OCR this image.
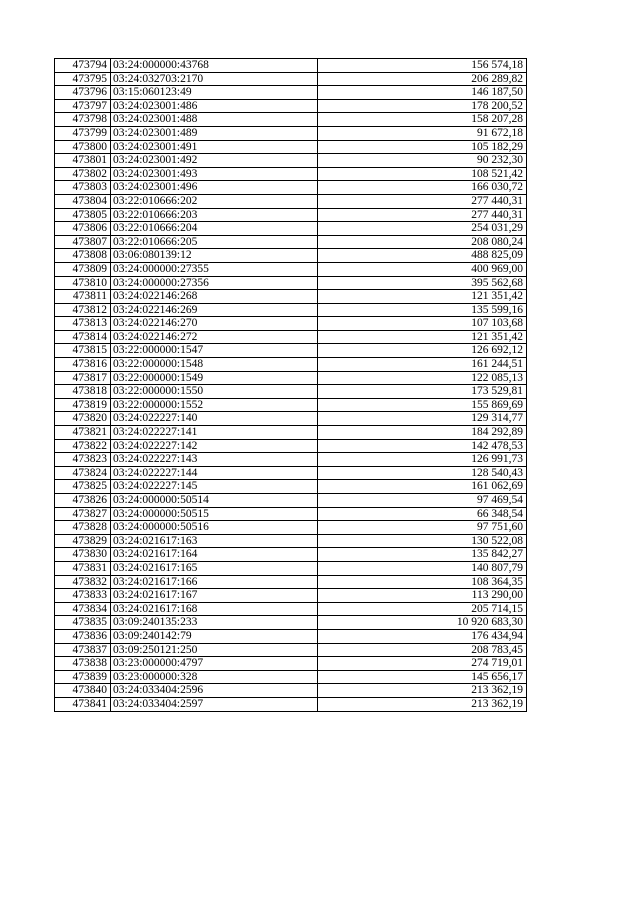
473794	03:24:000000:43768	156 574,18
473795	03:24:032703:2170	206 289,82
473796	03:15:060123:49	146 187,50
473797	03:24:023001:486	178 200,52
473798	03:24:023001:488	158 207,28
473799	03:24:023001:489	91 672,18
473800	03:24:023001:491	105 182,29
473801	03:24:023001:492	90 232,30
473802	03:24:023001:493	108 521,42
473803	03:24:023001:496	166 030,72
473804	03:22:010666:202	277 440,31
473805	03:22:010666:203	277 440,31
473806	03:22:010666:204	254 031,29
473807	03:22:010666:205	208 080,24
473808	03:06:080139:12	488 825,09
473809	03:24:000000:27355	400 969,00
473810	03:24:000000:27356	395 562,68
473811	03:24:022146:268	121 351,42
473812	03:24:022146:269	135 599,16
473813	03:24:022146:270	107 103,68
473814	03:24:022146:272	121 351,42
473815	03:22:000000:1547	126 692,12
473816	03:22:000000:1548	161 244,51
473817	03:22:000000:1549	122 085,13
473818	03:22:000000:1550	173 529,81
473819	03:22:000000:1552	155 869,69
473820	03:24:022227:140	129 314,77
473821	03:24:022227:141	184 292,89
473822	03:24:022227:142	142 478,53
473823	03:24:022227:143	126 991,73
473824	03:24:022227:144	128 540,43
473825	03:24:022227:145	161 062,69
473826	03:24:000000:50514	97 469,54
473827	03:24:000000:50515	66 348,54
473828	03:24:000000:50516	97 751,60
473829	03:24:021617:163	130 522,08
473830	03:24:021617:164	135 842,27
473831	03:24:021617:165	140 807,79
473832	03:24:021617:166	108 364,35
473833	03:24:021617:167	113 290,00
473834	03:24:021617:168	205 714,15
473835	03:09:240135:233	10 920 683,30
473836	03:09:240142:79	176 434,94
473837	03:09:250121:250	208 783,45
473838	03:23:000000:4797	274 719,01
473839	03:23:000000:328	145 656,17
473840	03:24:033404:2596	213 362,19
473841	03:24:033404:2597	213 362,19
